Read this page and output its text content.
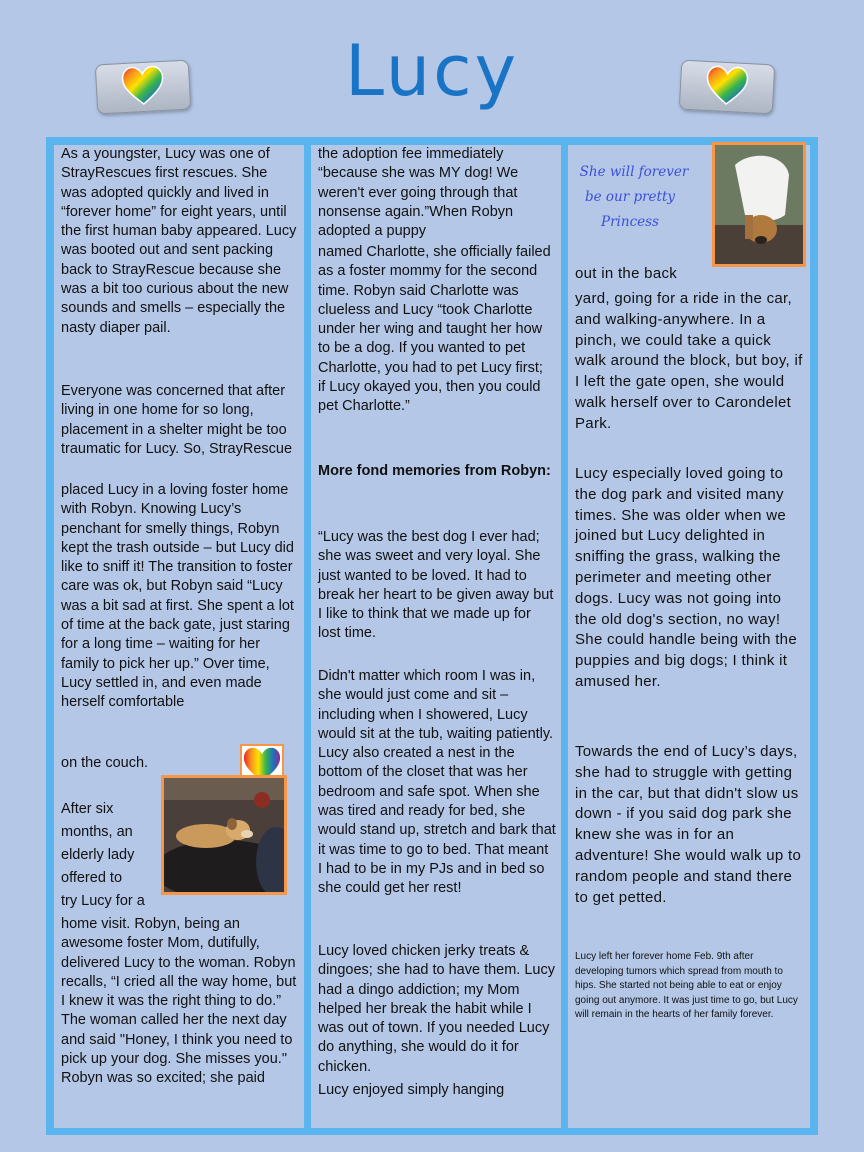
Lucy

As a youngster, Lucy was one of StrayRescues first rescues. She was adopted quickly and lived in “forever home” for eight years, until the first human baby appeared. Lucy was booted out and sent packing back to StrayRescue because she was a bit too curious about the new sounds and smells – especially the nasty diaper pail.

Everyone was concerned that after living in one home for so long, placement in a shelter might be too traumatic for Lucy. So, StrayRescue

placed Lucy in a loving foster home with Robyn. Knowing Lucy’s penchant for smelly things, Robyn kept the trash outside – but Lucy did like to sniff it! The transition to foster care was ok, but Robyn said “Lucy was a bit sad at first. She spent a lot of time at the back gate, just staring for a long time – waiting for her family to pick her up.” Over time, Lucy settled in, and even made herself comfortable

on the couch.

After six

months, an

elderly lady

offered to

try Lucy for a

home visit. Robyn, being an awesome foster Mom, dutifully, delivered Lucy to the woman. Robyn recalls, “I cried all the way home, but I knew it was the right thing to do.” The woman called her the next day and said "Honey, I think you need to pick up your dog. She misses you." Robyn was so excited; she paid

the adoption fee immediately “because she was MY dog! We weren't ever going through that nonsense again.”When Robyn adopted a puppy

named Charlotte, she officially failed as a foster mommy for the second time. Robyn said Charlotte was clueless and Lucy “took Charlotte under her wing and taught her how to be a dog. If you wanted to pet Charlotte, you had to pet Lucy first; if Lucy okayed you, then you could pet Charlotte.”

More fond memories from Robyn:

“Lucy was the best dog I ever had; she was sweet and very loyal. She just wanted to be loved. It had to break her heart to be given away but I like to think that we made up for lost time.

Didn't matter which room I was in, she would just come and sit – including when I showered, Lucy would sit at the tub, waiting patiently. Lucy also created a nest in the bottom of the closet that was her bedroom and safe spot. When she was tired and ready for bed, she would stand up, stretch and bark that it was time to go to bed. That meant I had to be in my PJs and in bed so she could get her rest!

Lucy loved chicken jerky treats & dingoes; she had to have them. Lucy had a dingo addiction; my Mom helped her break the habit while I was out of town. If you needed Lucy do anything, she would do it for chicken.

Lucy enjoyed simply hanging

She will forever
be our pretty
Princess

out in the back

yard, going for a ride in the car, and walking-anywhere. In a pinch, we could take a quick walk around the block, but boy, if I left the gate open, she would walk herself over to Carondelet Park.

Lucy especially loved going to the dog park and visited many times. She was older when we joined but Lucy delighted in sniffing the grass, walking the perimeter and meeting other dogs. Lucy was not going into the old dog's section, no way! She could handle being with the puppies and big dogs; I think it amused her.

Towards the end of Lucy’s days, she had to struggle with getting in the car, but that didn't slow us down - if you said dog park she knew she was in for an adventure! She would walk up to random people and stand there to get petted.

Lucy left her forever home Feb. 9th after developing tumors which spread from mouth to hips. She started not being able to eat or enjoy going out anymore. It was just time to go, but Lucy will remain in the hearts of her family forever.
